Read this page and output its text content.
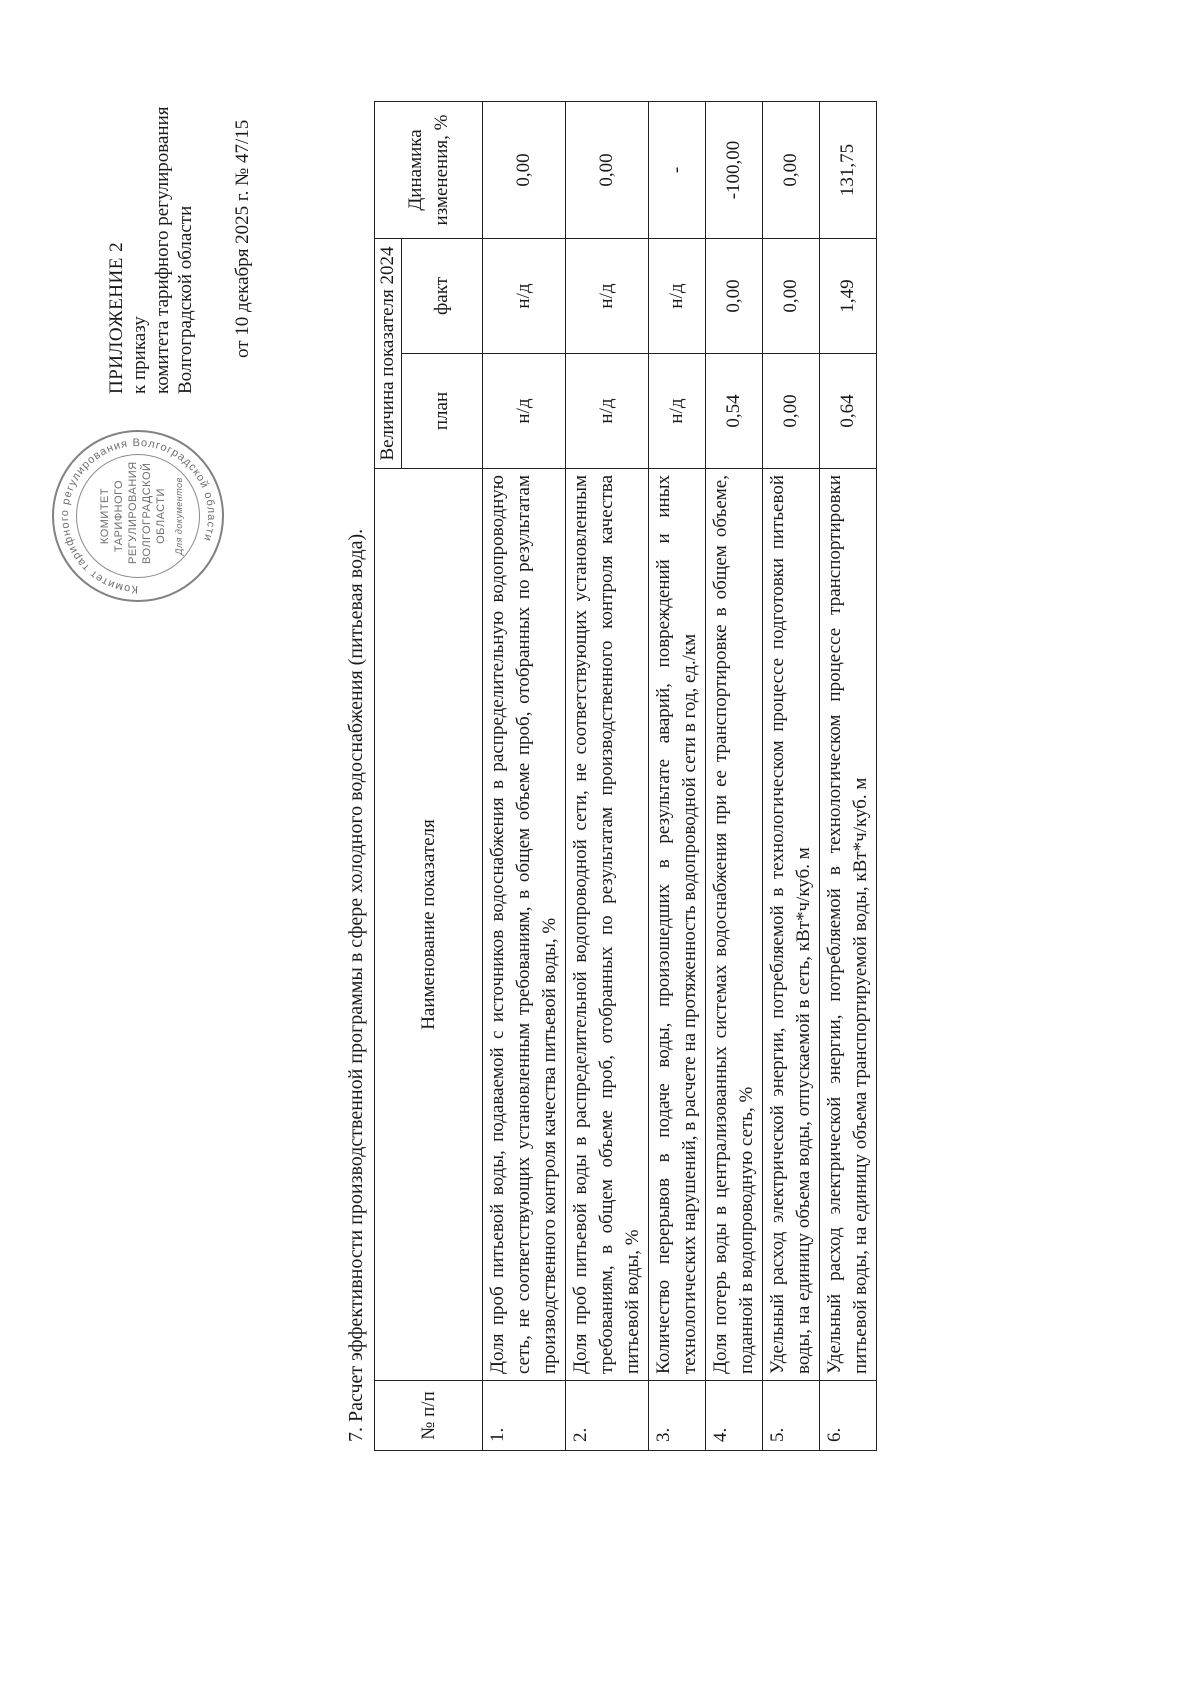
Комитет тарифного регулирования Волгоградской области
КОМИТЕТ ТАРИФНОГО РЕГУЛИРОВАНИЯ ВОЛГОГРАДСКОЙ ОБЛАСТИ Для документов
ПРИЛОЖЕНИЕ 2 к приказу комитета тарифного регулирования Волгоградской области от 10 декабря 2025 г. № 47/15
7. Расчет эффективности производственной программы в сфере холодного водоснабжения (питьевая вода).	№ п/п	Наименование показателя	Величина показателя 2024		Динамика изменения, %
		план	факт	
1.	Доля проб питьевой воды, подаваемой с источников водоснабжения в распределительную водопроводную сеть, не соответствующих установленным требованиям, в общем объеме проб, отобранных по результатам производственного контроля качества питьевой воды, %	н/д	н/д	0,00
2.	Доля проб питьевой воды в распределительной водопроводной сети, не соответствующих установленным требованиям, в общем объеме проб, отобранных по результатам производственного контроля качества питьевой воды, %	н/д	н/д	0,00
3.	Количество перерывов в подаче воды, произошедших в результате аварий, повреждений и иных технологических нарушений, в расчете на протяженность водопроводной сети в год, ед./км	н/д	н/д	-
4.	Доля потерь воды в централизованных системах водоснабжения при ее транспортировке в общем объеме, поданной в водопроводную сеть, %	0,54	0,00	-100,00
5.	Удельный расход электрической энергии, потребляемой в технологическом процессе подготовки питьевой воды, на единицу объема воды, отпускаемой в сеть, кВт*ч/куб. м	0,00	0,00	0,00
6.	Удельный расход электрической энергии, потребляемой в технологическом процессе транспортировки питьевой воды, на единицу объема транспортируемой воды, кВт*ч/куб. м	0,64	1,49	131,75
